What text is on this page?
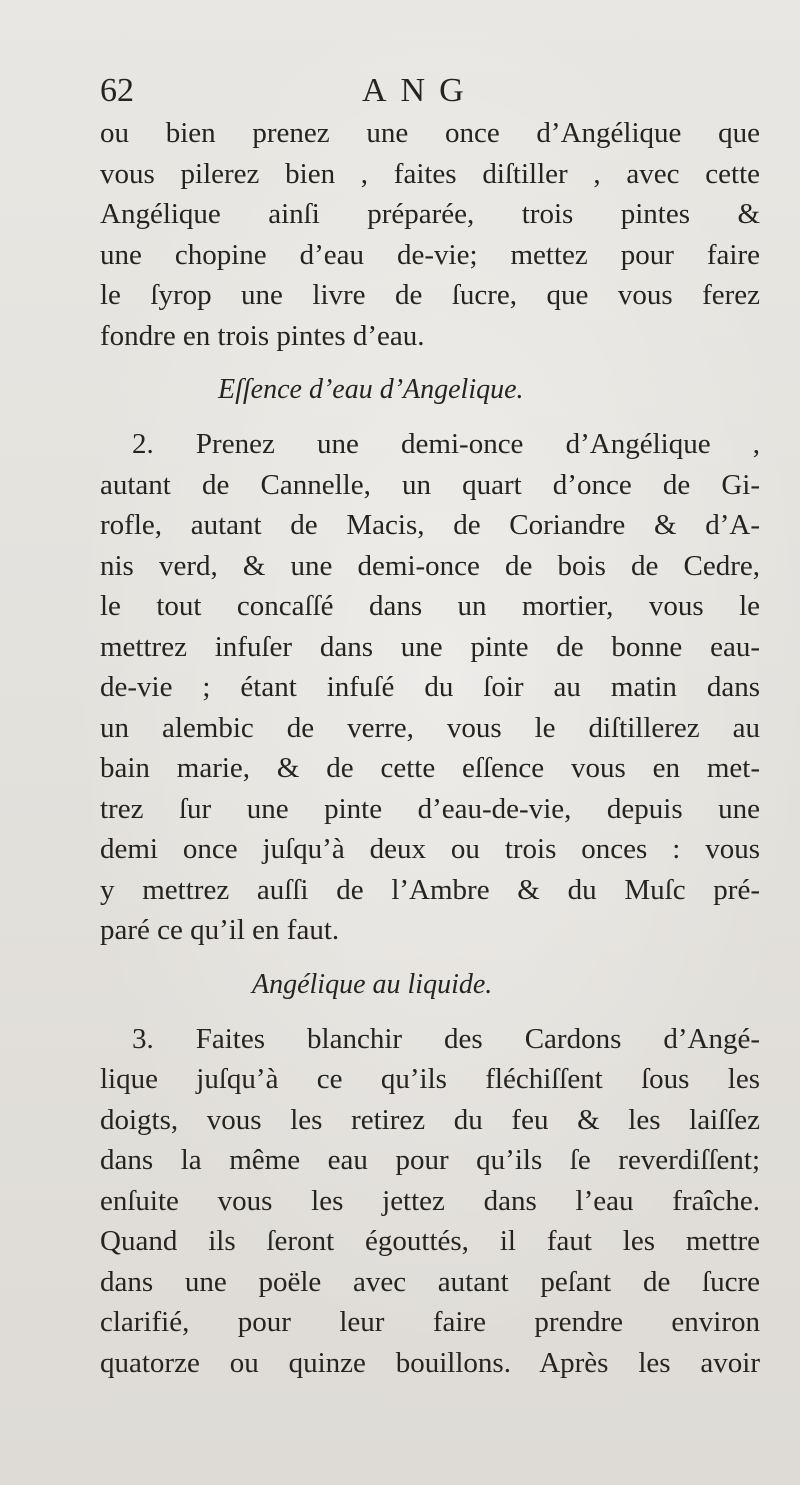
62	ANG
ou bien prenez une once d’Angélique que
vous pilerez bien , faites diſtiller , avec cette
Angélique ainſi préparée, trois pintes &
une chopine d’eau de-vie; mettez pour faire
le ſyrop une livre de ſucre, que vous ferez
fondre en trois pintes d’eau.
Eſſence d’eau d’Angelique.
2. Prenez une demi-once d’Angélique ,
autant de Cannelle, un quart d’once de Gi-
rofle, autant de Macis, de Coriandre & d’A-
nis verd, & une demi-once de bois de Cedre,
le tout concaſſé dans un mortier, vous le
mettrez infuſer dans une pinte de bonne eau-
de-vie ; étant infuſé du ſoir au matin dans
un alembic de verre, vous le diſtillerez au
bain marie, & de cette eſſence vous en met-
trez ſur une pinte d’eau-de-vie, depuis une
demi once juſqu’à deux ou trois onces : vous
y mettrez auſſi de l’Ambre & du Muſc pré-
paré ce qu’il en faut.
Angélique au liquide.
3. Faites blanchir des Cardons d’Angé-
lique juſqu’à ce qu’ils fléchiſſent ſous les
doigts, vous les retirez du feu & les laiſſez
dans la même eau pour qu’ils ſe reverdiſſent;
enſuite vous les jettez dans l’eau fraîche.
Quand ils ſeront égouttés, il faut les mettre
dans une poële avec autant peſant de ſucre
clarifié, pour leur faire prendre environ
quatorze ou quinze bouillons. Après les avoir
